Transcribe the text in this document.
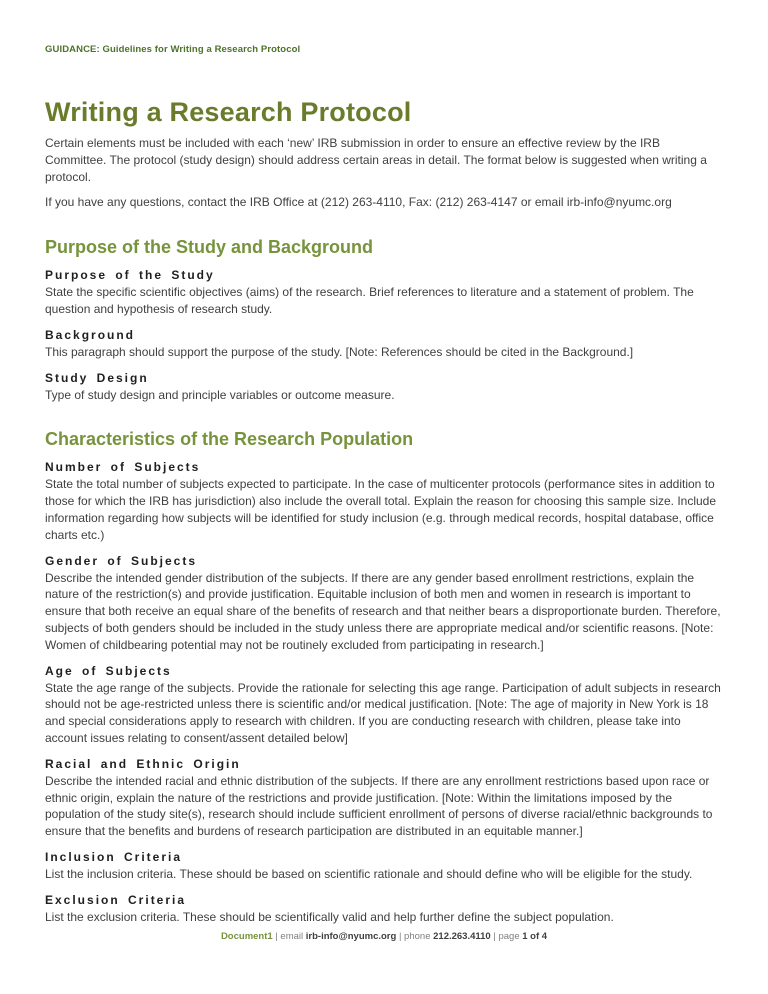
GUIDANCE: Guidelines for Writing a Research Protocol
Writing a Research Protocol

Certain elements must be included with each ‘new’ IRB submission in order to ensure an effective review by the IRB Committee. The protocol (study design) should address certain areas in detail. The format below is suggested when writing a protocol.

If you have any questions, contact the IRB Office at (212) 263-4110, Fax: (212) 263-4147 or email irb-info@nyumc.org

Purpose of the Study and Background
Purpose of the Study

State the specific scientific objectives (aims) of the research. Brief references to literature and a statement of problem. The question and hypothesis of research study.

Background

This paragraph should support the purpose of the study. [Note: References should be cited in the Background.]

Study Design

Type of study design and principle variables or outcome measure.

Characteristics of the Research Population
Number of Subjects

State the total number of subjects expected to participate. In the case of multicenter protocols (performance sites in addition to those for which the IRB has jurisdiction) also include the overall total. Explain the reason for choosing this sample size. Include information regarding how subjects will be identified for study inclusion (e.g. through medical records, hospital database, office charts etc.)

Gender of Subjects

Describe the intended gender distribution of the subjects. If there are any gender based enrollment restrictions, explain the nature of the restriction(s) and provide justification. Equitable inclusion of both men and women in research is important to ensure that both receive an equal share of the benefits of research and that neither bears a disproportionate burden. Therefore, subjects of both genders should be included in the study unless there are appropriate medical and/or scientific reasons. [Note: Women of childbearing potential may not be routinely excluded from participating in research.]

Age of Subjects

State the age range of the subjects. Provide the rationale for selecting this age range. Participation of adult subjects in research should not be age-restricted unless there is scientific and/or medical justification. [Note: The age of majority in New York is 18 and special considerations apply to research with children. If you are conducting research with children, please take into account issues relating to consent/assent detailed below]

Racial and Ethnic Origin

Describe the intended racial and ethnic distribution of the subjects. If there are any enrollment restrictions based upon race or ethnic origin, explain the nature of the restrictions and provide justification. [Note: Within the limitations imposed by the population of the study site(s), research should include sufficient enrollment of persons of diverse racial/ethnic backgrounds to ensure that the benefits and burdens of research participation are distributed in an equitable manner.]

Inclusion Criteria

List the inclusion criteria. These should be based on scientific rationale and should define who will be eligible for the study.

Exclusion Criteria

List the exclusion criteria. These should be scientifically valid and help further define the subject population.

Document1 | email irb-info@nyumc.org | phone 212.263.4110 | page 1 of 4
